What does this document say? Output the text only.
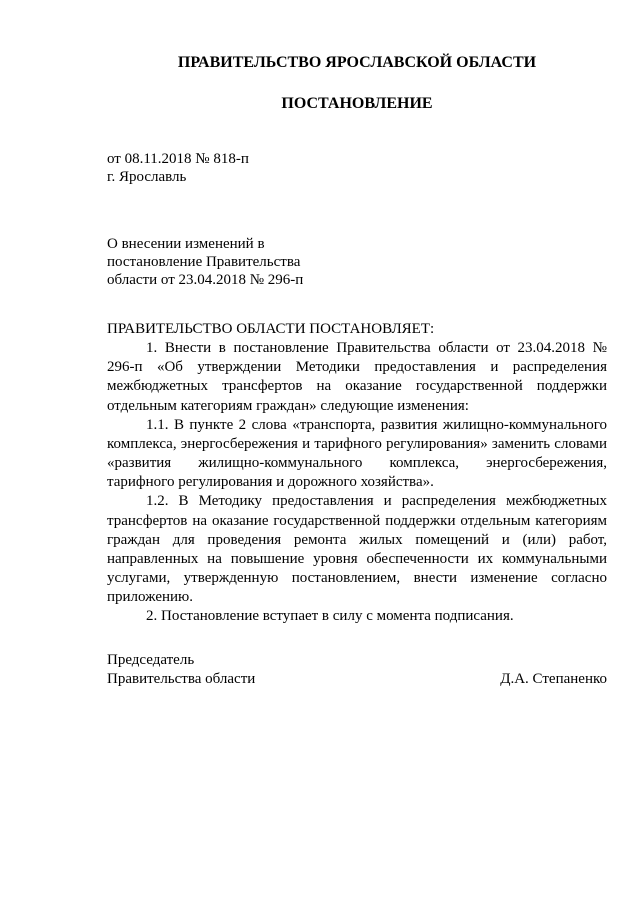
ПРАВИТЕЛЬСТВО ЯРОСЛАВСКОЙ ОБЛАСТИ
ПОСТАНОВЛЕНИЕ
от 08.11.2018 № 818-п
г. Ярославль
О внесении изменений в
постановление Правительства
области от 23.04.2018 № 296-п

ПРАВИТЕЛЬСТВО ОБЛАСТИ ПОСТАНОВЛЯЕТ:

1. Внести в постановление Правительства области от 23.04.2018 № 296-п «Об утверждении Методики предоставления и распределения межбюджетных трансфертов на оказание государственной поддержки отдельным категориям граждан» следующие изменения:

1.1. В пункте 2 слова «транспорта, развития жилищно-коммунального комплекса, энергосбережения и тарифного регулирования» заменить словами «развития жилищно-коммунального комплекса, энергосбережения, тарифного регулирования и дорожного хозяйства».

1.2. В Методику предоставления и распределения межбюджетных трансфертов на оказание государственной поддержки отдельным категориям граждан для проведения ремонта жилых помещений и (или) работ, направленных на повышение уровня обеспеченности их коммунальными услугами, утвержденную постановлением, внести изменение согласно приложению.

2. Постановление вступает в силу с момента подписания.

Председатель
Правительства области	Д.А. Степаненко
